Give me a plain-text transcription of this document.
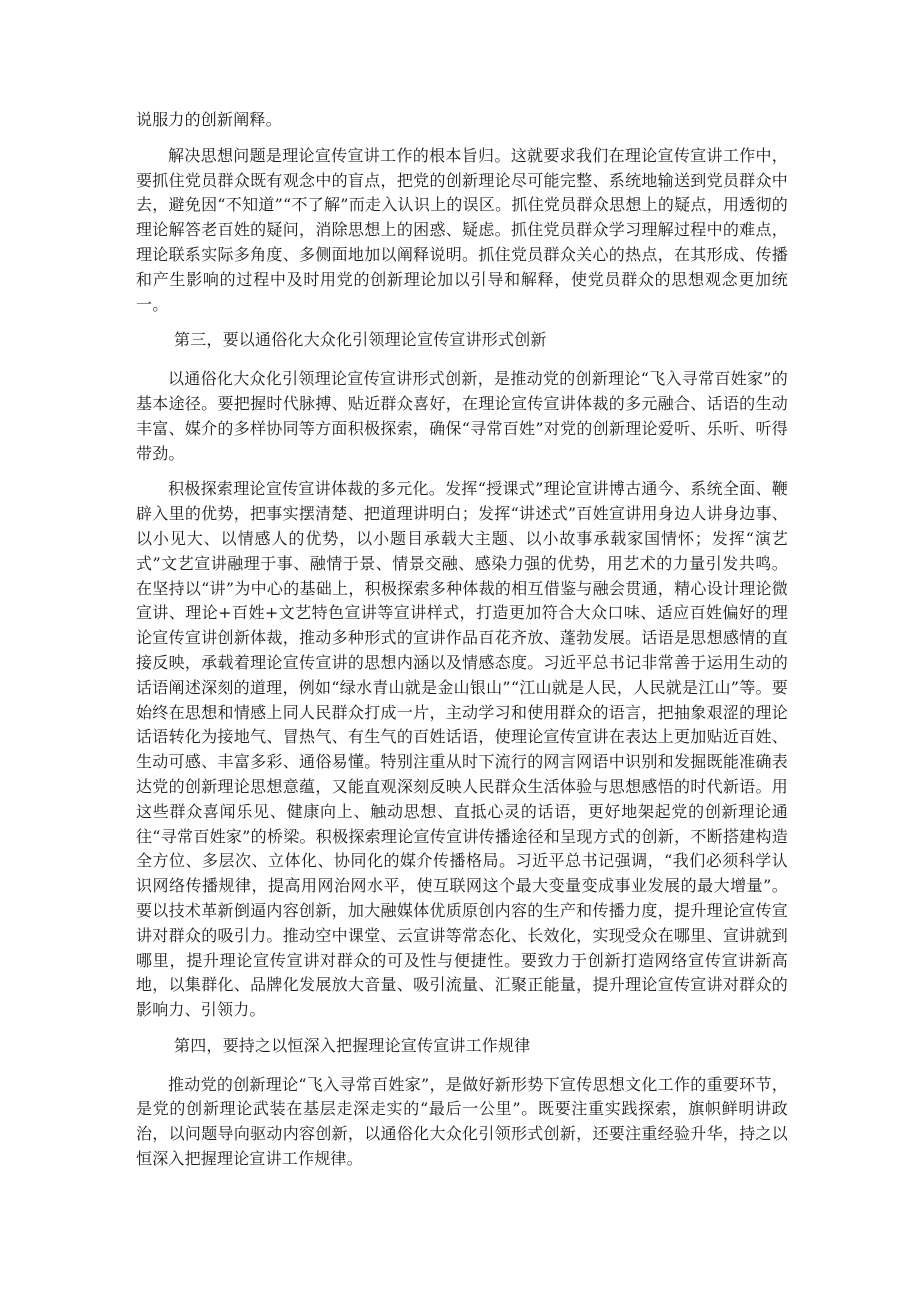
说服力的创新阐释。

解决思想问题是理论宣传宣讲工作的根本旨归。这就要求我们在理论宣传宣讲工作中，要抓住党员群众既有观念中的盲点，把党的创新理论尽可能完整、系统地输送到党员群众中去，避免因“不知道”“不了解”而走入认识上的误区。抓住党员群众思想上的疑点，用透彻的理论解答老百姓的疑问，消除思想上的困惑、疑虑。抓住党员群众学习理解过程中的难点，理论联系实际多角度、多侧面地加以阐释说明。抓住党员群众关心的热点，在其形成、传播和产生影响的过程中及时用党的创新理论加以引导和解释，使党员群众的思想观念更加统一。

第三，要以通俗化大众化引领理论宣传宣讲形式创新

以通俗化大众化引领理论宣传宣讲形式创新，是推动党的创新理论“飞入寻常百姓家”的基本途径。要把握时代脉搏、贴近群众喜好，在理论宣传宣讲体裁的多元融合、话语的生动丰富、媒介的多样协同等方面积极探索，确保“寻常百姓”对党的创新理论爱听、乐听、听得带劲。

积极探索理论宣传宣讲体裁的多元化。发挥“授课式”理论宣讲博古通今、系统全面、鞭辟入里的优势，把事实摆清楚、把道理讲明白；发挥“讲述式”百姓宣讲用身边人讲身边事、以小见大、以情感人的优势，以小题目承载大主题、以小故事承载家国情怀；发挥“演艺式”文艺宣讲融理于事、融情于景、情景交融、感染力强的优势，用艺术的力量引发共鸣。在坚持以“讲”为中心的基础上，积极探索多种体裁的相互借鉴与融会贯通，精心设计理论微宣讲、理论+百姓+文艺特色宣讲等宣讲样式，打造更加符合大众口味、适应百姓偏好的理论宣传宣讲创新体裁，推动多种形式的宣讲作品百花齐放、蓬勃发展。话语是思想感情的直接反映，承载着理论宣传宣讲的思想内涵以及情感态度。习近平总书记非常善于运用生动的话语阐述深刻的道理，例如“绿水青山就是金山银山”“江山就是人民，人民就是江山”等。要始终在思想和情感上同人民群众打成一片，主动学习和使用群众的语言，把抽象艰涩的理论话语转化为接地气、冒热气、有生气的百姓话语，使理论宣传宣讲在表达上更加贴近百姓、生动可感、丰富多彩、通俗易懂。特别注重从时下流行的网言网语中识别和发掘既能准确表达党的创新理论思想意蕴，又能直观深刻反映人民群众生活体验与思想感悟的时代新语。用这些群众喜闻乐见、健康向上、触动思想、直抵心灵的话语，更好地架起党的创新理论通往“寻常百姓家”的桥梁。积极探索理论宣传宣讲传播途径和呈现方式的创新，不断搭建构造全方位、多层次、立体化、协同化的媒介传播格局。习近平总书记强调，“我们必须科学认识网络传播规律，提高用网治网水平，使互联网这个最大变量变成事业发展的最大增量”。要以技术革新倒逼内容创新，加大融媒体优质原创内容的生产和传播力度，提升理论宣传宣讲对群众的吸引力。推动空中课堂、云宣讲等常态化、长效化，实现受众在哪里、宣讲就到哪里，提升理论宣传宣讲对群众的可及性与便捷性。要致力于创新打造网络宣传宣讲新高地，以集群化、品牌化发展放大音量、吸引流量、汇聚正能量，提升理论宣传宣讲对群众的影响力、引领力。

第四，要持之以恒深入把握理论宣传宣讲工作规律

推动党的创新理论“飞入寻常百姓家”，是做好新形势下宣传思想文化工作的重要环节，是党的创新理论武装在基层走深走实的“最后一公里”。既要注重实践探索，旗帜鲜明讲政治，以问题导向驱动内容创新，以通俗化大众化引领形式创新，还要注重经验升华，持之以恒深入把握理论宣讲工作规律。
